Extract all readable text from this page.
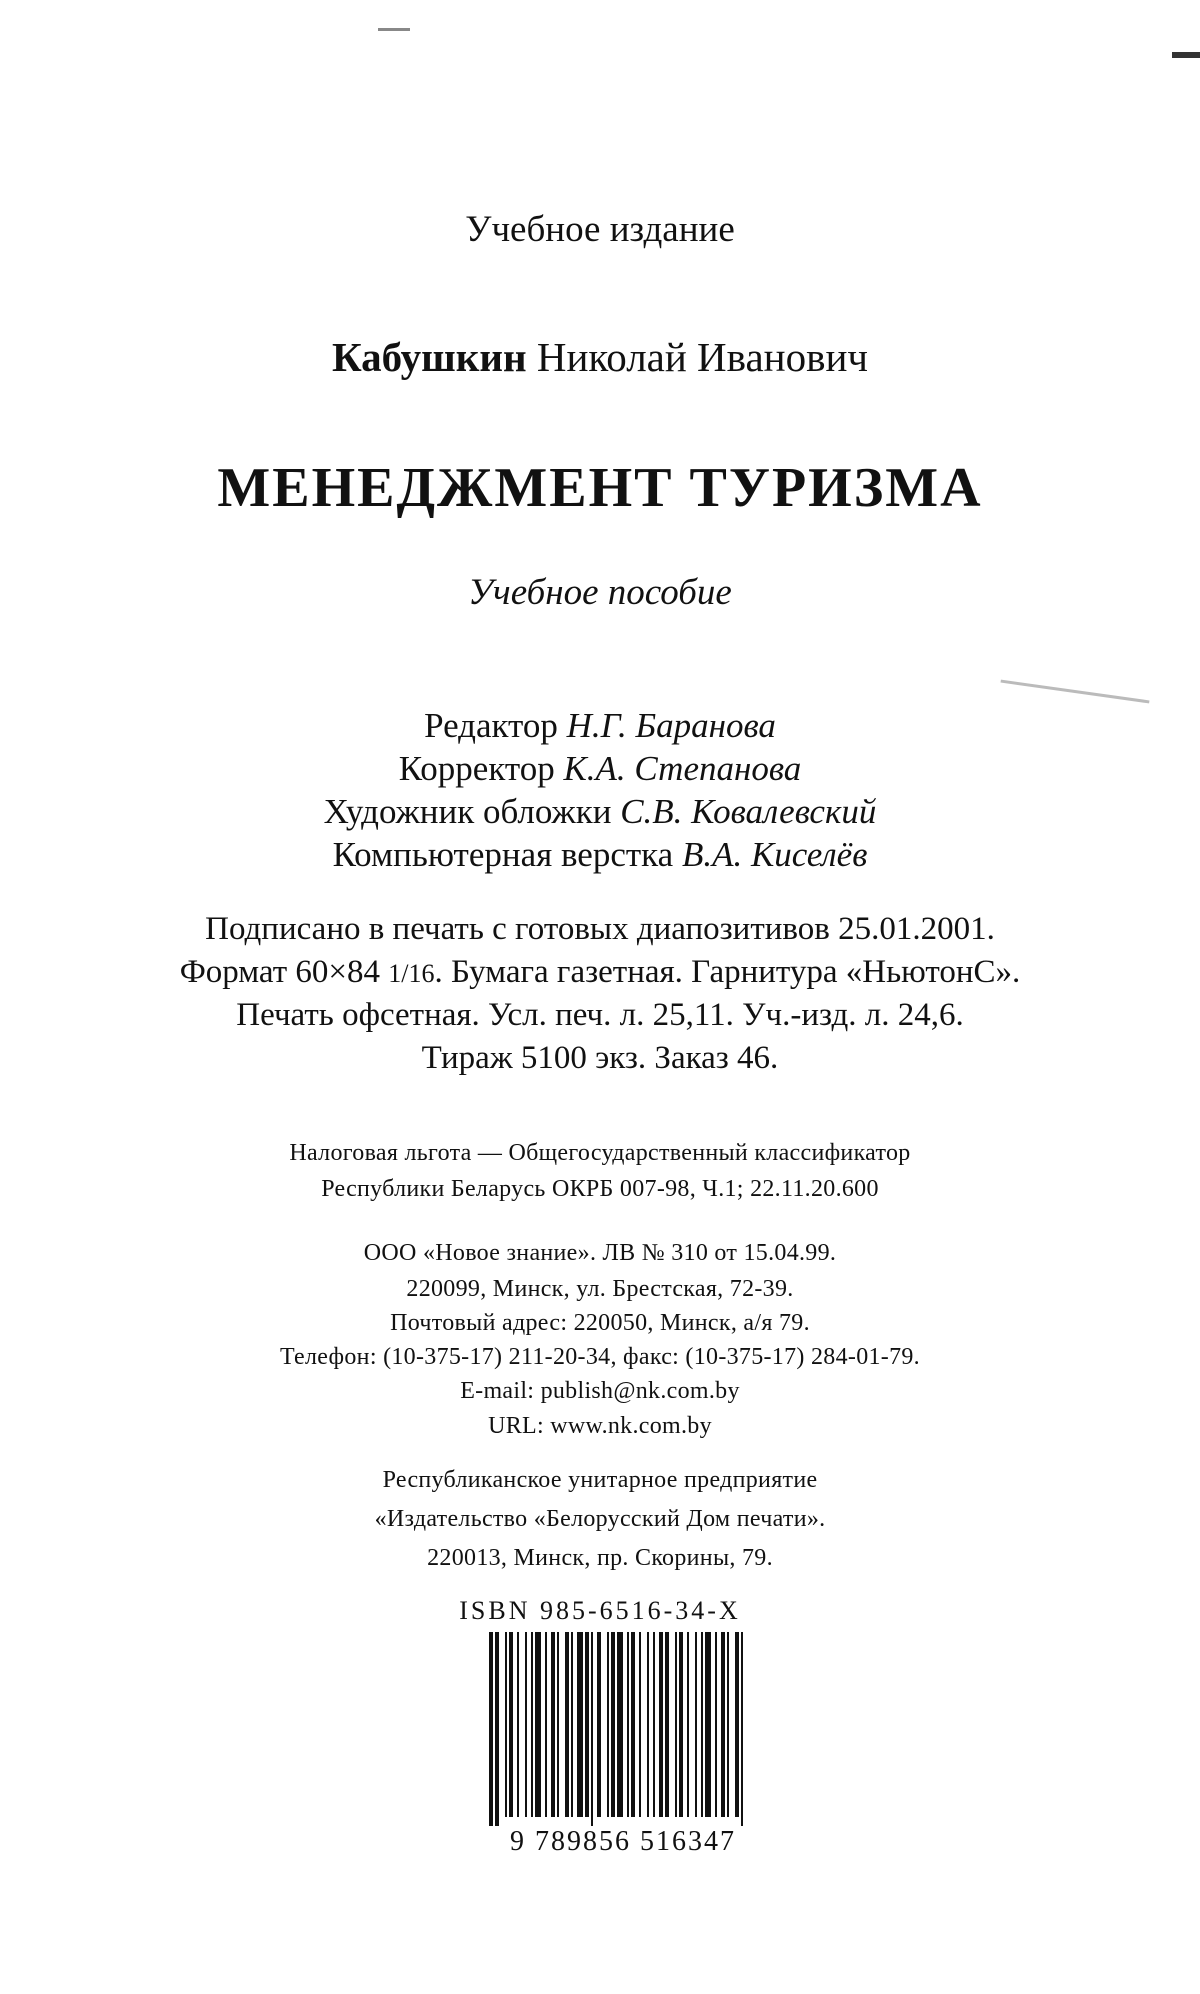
Учебное издание
Кабушкин Николай Иванович
МЕНЕДЖМЕНТ ТУРИЗМА
Учебное пособие
Редактор Н.Г. Баранова
Корректор К.А. Степанова
Художник обложки С.В. Ковалевский
Компьютерная верстка В.А. Киселёв
Подписано в печать с готовых диапозитивов 25.01.2001.
Формат 60×84 1/16. Бумага газетная. Гарнитура «НьютонС».
Печать офсетная. Усл. печ. л. 25,11. Уч.-изд. л. 24,6.
Тираж 5100 экз. Заказ 46.
Налоговая льгота — Общегосударственный классификатор
Республики Беларусь ОКРБ 007-98, Ч.1; 22.11.20.600
ООО «Новое знание». ЛВ № 310 от 15.04.99.
220099, Минск, ул. Брестская, 72-39.
Почтовый адрес: 220050, Минск, а/я 79.
Телефон: (10-375-17) 211-20-34, факс: (10-375-17) 284-01-79.
E-mail: publish@nk.com.by
URL: www.nk.com.by
Республиканское унитарное предприятие
«Издательство «Белорусский Дом печати».
220013, Минск, пр. Скорины, 79.
ISBN 985-6516-34-X
9 789856 516347
